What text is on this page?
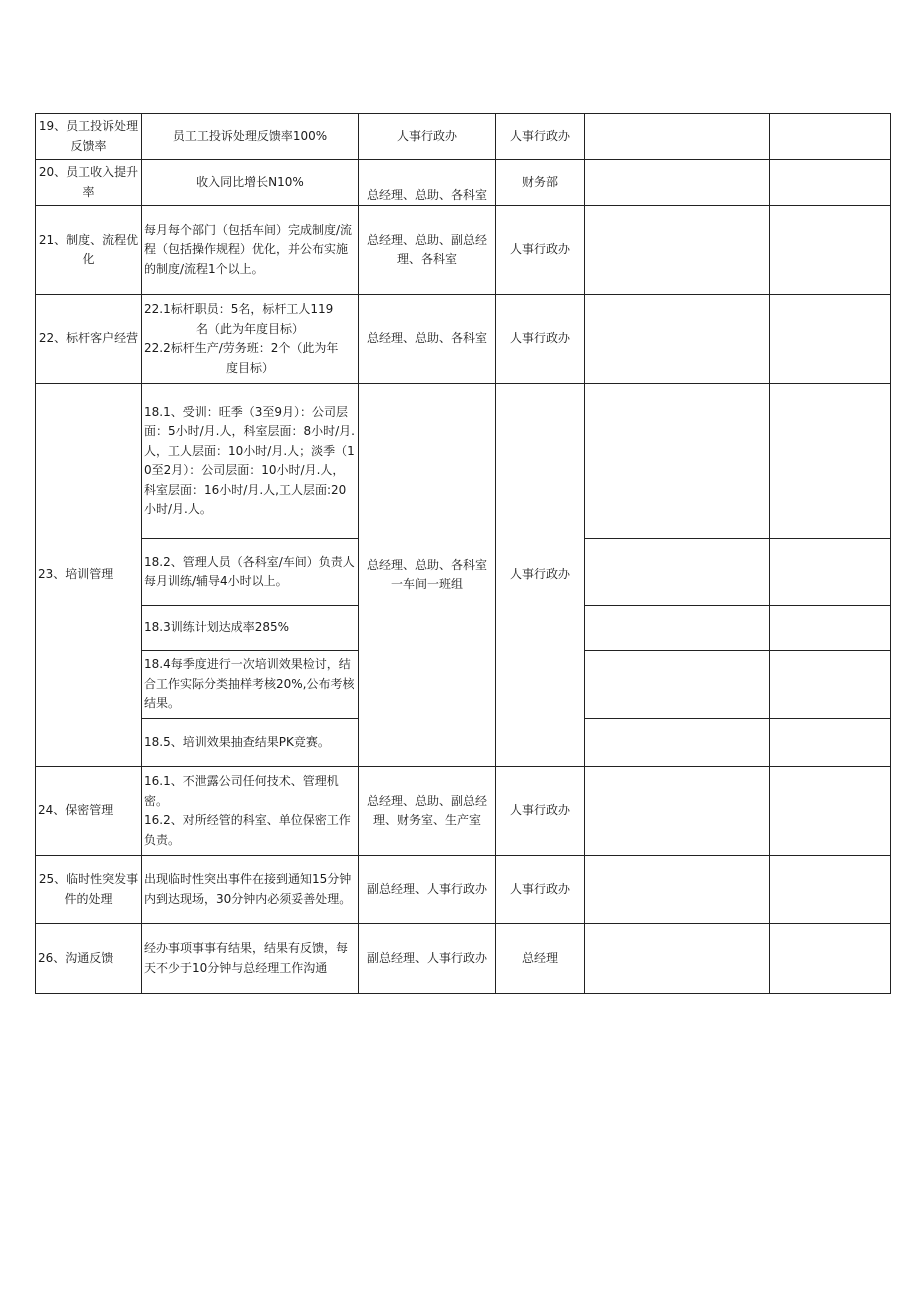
19、员工投诉处理反馈率	员工工投诉处理反馈率100%	人事行政办	人事行政办		
20、员工收入提升率	收入同比增长N10%	总经理、总助、各科室	财务部		
21、制度、流程优化	每月每个部门（包括车间）完成制度/流程（包括操作规程）优化，并公布实施的制度/流程1个以上。	总经理、总助、副总经理、各科室	人事行政办		
22、标杆客户经营	22.1标杆职员：5名，标杆工人119
名（此为年度目标）
22.2标杆生产/劳务班：2个（此为年
度目标）	总经理、总助、各科室	人事行政办		
23、培训管理	18.1、受训：旺季（3至9月）：公司层面：5小时/月.人，科室层面：8小时/月.人，工人层面：10小时/月.人；淡季（10至2月）：公司层面：10小时/月.人，科室层面：16小时/月.人,工人层面:20小时/月.人。	总经理、总助、各科室
一车间一班组	人事行政办		
	18.2、管理人员（各科室/车间）负责人每月训练/辅导4小时以上。				
	18.3训练计划达成率285%				
	18.4每季度进行一次培训效果检讨，结合工作实际分类抽样考核20%,公布考核结果。				
	18.5、培训效果抽查结果PK竞赛。				
24、保密管理	16.1、不泄露公司任何技术、管理机密。
16.2、对所经管的科室、单位保密工作负责。	总经理、总助、副总经理、财务室、生产室	人事行政办		
25、临时性突发事件的处理	出现临时性突出事件在接到通知15分钟内到达现场，30分钟内必须妥善处理。	副总经理、人事行政办	人事行政办		
26、沟通反馈	经办事项事事有结果，结果有反馈，每天不少于10分钟与总经理工作沟通	副总经理、人事行政办	总经理		
